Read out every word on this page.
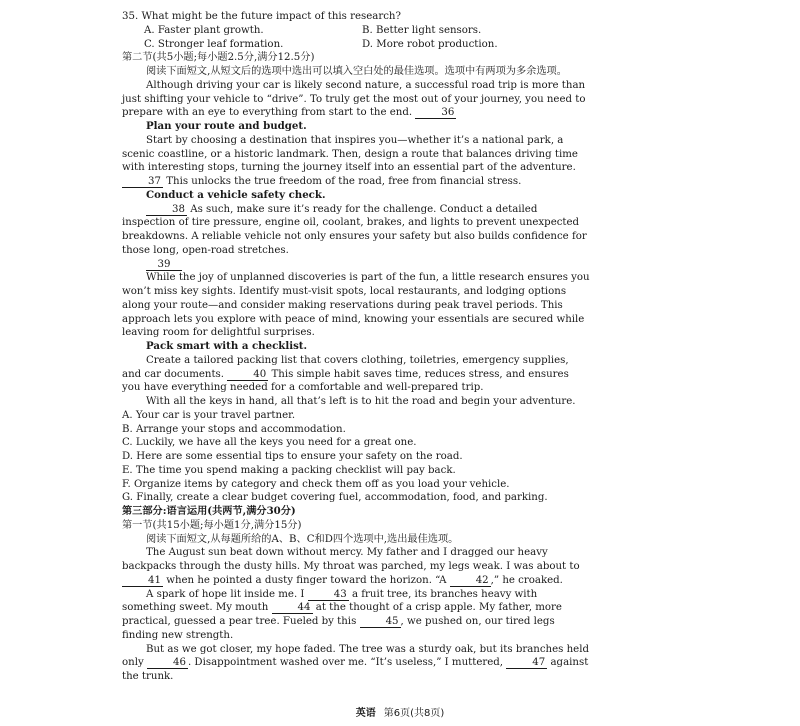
35. What might be the future impact of this research?

A. Faster plant growth.	B. Better light sensors.
C. Stronger leaf formation.	D. More robot production.

第二节(共5小题;每小题2.5分,满分12.5分)

阅读下面短文,从短文后的选项中选出可以填入空白处的最佳选项。选项中有两项为多余选项。

Although driving your car is likely second nature, a successful road trip is more than just shifting your vehicle to “drive”. To truly get the most out of your journey, you need to prepare with an eye to everything from start to the end.	36

Plan your route and budget.

Start by choosing a destination that inspires you—whether it’s a national park, a scenic coastline, or a historic landmark. Then, design a route that balances driving time with interesting stops, turning the journey itself into an essential part of the adventure. 37 This unlocks the true freedom of the road, free from financial stress.

Conduct a vehicle safety check.

38 As such, make sure it’s ready for the challenge. Conduct a detailed inspection of tire pressure, engine oil, coolant, brakes, and lights to prevent unexpected breakdowns. A reliable vehicle not only ensures your safety but also builds confidence for those long, open-road stretches.

39

While the joy of unplanned discoveries is part of the fun, a little research ensures you won’t miss key sights. Identify must-visit spots, local restaurants, and lodging options along your route—and consider making reservations during peak travel periods. This approach lets you explore with peace of mind, knowing your essentials are secured while leaving room for delightful surprises.

Pack smart with a checklist.

Create a tailored packing list that covers clothing, toiletries, emergency supplies, and car documents.	40 This simple habit saves time, reduces stress, and ensures you have everything needed for a comfortable and well-prepared trip.

With all the keys in hand, all that’s left is to hit the road and begin your adventure.

A. Your car is your travel partner.

B. Arrange your stops and accommodation.

C. Luckily, we have all the keys you need for a great one.

D. Here are some essential tips to ensure your safety on the road.

E. The time you spend making a packing checklist will pay back.

F. Organize items by category and check them off as you load your vehicle.

G. Finally, create a clear budget covering fuel, accommodation, food, and parking.

第三部分:语言运用(共两节,满分30分)

第一节(共15小题;每小题1分,满分15分)

阅读下面短文,从每题所给的A、B、C和D四个选项中,选出最佳选项。

The August sun beat down without mercy. My father and I dragged our heavy backpacks through the dusty hills. My throat was parched, my legs weak. I was about to 41 when he pointed a dusty finger toward the horizon. “A	42 ,” he croaked.

A spark of hope lit inside me. I	43 a fruit tree, its branches heavy with something sweet. My mouth	44 at the thought of a crisp apple. My father, more practical, guessed a pear tree. Fueled by this	45 , we pushed on, our tired legs finding new strength.

But as we got closer, my hope faded. The tree was a sturdy oak, but its branches held only	46 . Disappointment washed over me. “It’s useless,” I muttered,	47 against the trunk.

英语 第6页(共8页)
